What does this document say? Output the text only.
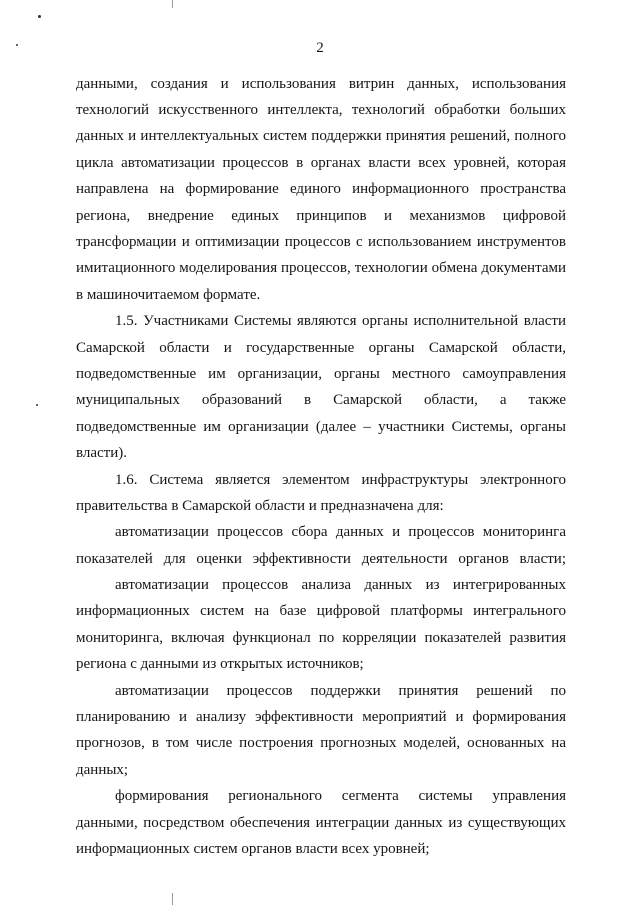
2
данными, создания и использования витрин данных, использования
технологий искусственного интеллекта, технологий обработки больших
данных и интеллектуальных систем поддержки принятия решений, полного
цикла автоматизации процессов в органах власти всех уровней, которая
направлена на формирование единого информационного пространства
региона, внедрение единых принципов и механизмов цифровой
трансформации и оптимизации процессов с использованием инструментов
имитационного моделирования процессов, технологии обмена документами
в машиночитаемом формате.
1.5. Участниками Системы являются органы исполнительной власти
Самарской области и государственные органы Самарской области,
подведомственные им организации, органы местного самоуправления
муниципальных образований в Самарской области, а также
подведомственные им организации (далее – участники Системы, органы
власти).
1.6. Система является элементом инфраструктуры электронного
правительства в Самарской области и предназначена для:
автоматизации процессов сбора данных и процессов мониторинга
показателей для оценки эффективности деятельности органов власти;
автоматизации процессов анализа данных из интегрированных
информационных систем на базе цифровой платформы интегрального
мониторинга, включая функционал по корреляции показателей развития
региона с данными из открытых источников;
автоматизации процессов поддержки принятия решений по
планированию и анализу эффективности мероприятий и формирования
прогнозов, в том числе построения прогнозных моделей, основанных на
данных;
формирования регионального сегмента системы управления
данными, посредством обеспечения интеграции данных из существующих
информационных систем органов власти всех уровней;
